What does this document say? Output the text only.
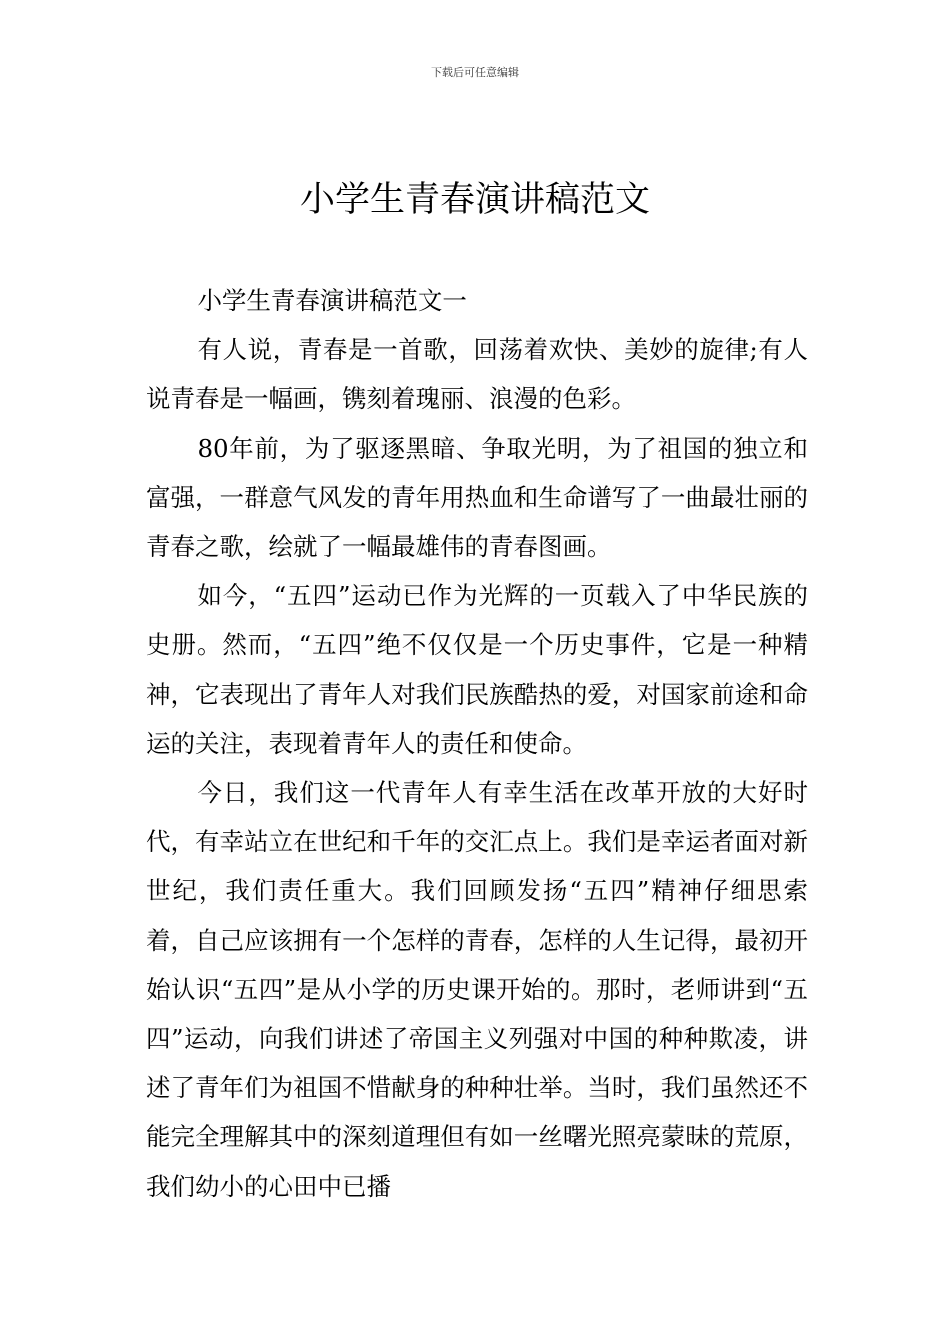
下载后可任意编辑
小学生青春演讲稿范文

小学生青春演讲稿范文一

有人说，青春是一首歌，回荡着欢快、美妙的旋律;有人说青春是一幅画，镌刻着瑰丽、浪漫的色彩。

80年前，为了驱逐黑暗、争取光明，为了祖国的独立和富强，一群意气风发的青年用热血和生命谱写了一曲最壮丽的青春之歌，绘就了一幅最雄伟的青春图画。

如今，“五四”运动已作为光辉的一页载入了中华民族的史册。然而，“五四”绝不仅仅是一个历史事件，它是一种精神，它表现出了青年人对我们民族酷热的爱，对国家前途和命运的关注，表现着青年人的责任和使命。

今日，我们这一代青年人有幸生活在改革开放的大好时代，有幸站立在世纪和千年的交汇点上。我们是幸运者面对新世纪，我们责任重大。我们回顾发扬“五四”精神仔细思索着，自己应该拥有一个怎样的青春，怎样的人生记得，最初开始认识“五四”是从小学的历史课开始的。那时，老师讲到“五四”运动，向我们讲述了帝国主义列强对中国的种种欺凌，讲述了青年们为祖国不惜献身的种种壮举。当时，我们虽然还不能完全理解其中的深刻道理但有如一丝曙光照亮蒙昧的荒原，我们幼小的心田中已播
